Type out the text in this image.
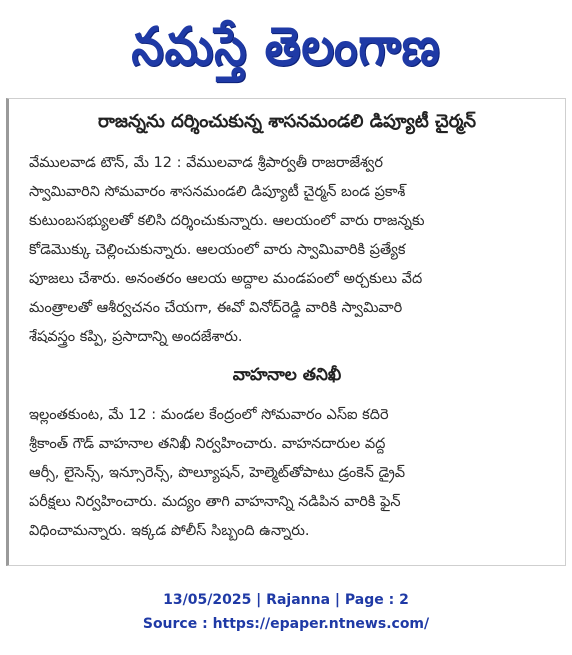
నమస్తే తెలంగాణ
రాజన్నను దర్శించుకున్న శాసనమండలి డిప్యూటీ చైర్మన్
వేములవాడ టౌన్, మే 12 : వేములవాడ శ్రీపార్వతీ రాజరాజేశ్వర
స్వామివారిని సోమవారం శాసనమండలి డిప్యూటీ చైర్మన్ బండ ప్రకాశ్
కుటుంబసభ్యులతో కలిసి దర్శించుకున్నారు. ఆలయంలో వారు రాజన్నకు
కోడెమొక్కు చెల్లించుకున్నారు. ఆలయంలో వారు స్వామివారికి ప్రత్యేక
పూజలు చేశారు. అనంతరం ఆలయ అద్దాల మండపంలో అర్చకులు వేద
మంత్రాలతో ఆశీర్వచనం చేయగా, ఈవో వినోద్‌రెడ్డి వారికి స్వామివారి
శేషవస్త్రం కప్పి, ప్రసాదాన్ని అందజేశారు.
వాహనాల తనిఖీ
ఇల్లంతకుంట, మే 12 : మండల కేంద్రంలో సోమవారం ఎస్ఐ కదిరె
శ్రీకాంత్ గౌడ్ వాహనాల తనిఖీ నిర్వహించారు. వాహనదారుల వద్ద
ఆర్సీ, లైసెన్స్, ఇన్సూరెన్స్, పొల్యూషన్, హెల్మెట్‌తోపాటు డ్రంకెన్ డ్రైవ్
పరీక్షలు నిర్వహించారు. మద్యం తాగి వాహనాన్ని నడిపిన వారికి ఫైన్
విధించామన్నారు. ఇక్కడ పోలీస్ సిబ్బంది ఉన్నారు.
13/05/2025 | Rajanna | Page : 2
Source : https://epaper.ntnews.com/
